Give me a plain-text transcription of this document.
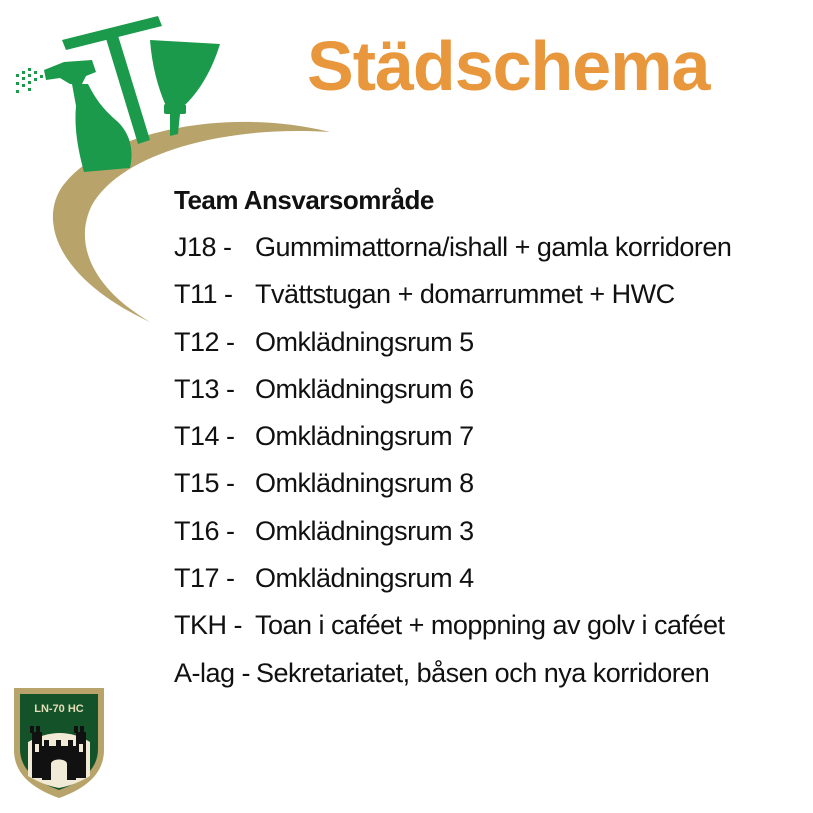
Städschema
Team Ansvarsområde
J18 - Gummimattorna/ishall + gamla korridoren
T11 - Tvättstugan + domarrummet + HWC
T12 - Omklädningsrum 5
T13 - Omklädningsrum 6
T14 - Omklädningsrum 7
T15 - Omklädningsrum 8
T16 - Omklädningsrum 3
T17 - Omklädningsrum 4
TKH - Toan i caféet + moppning av golv i caféet
A-lag - Sekretariatet, båsen och nya korridoren
LN-70 HC
